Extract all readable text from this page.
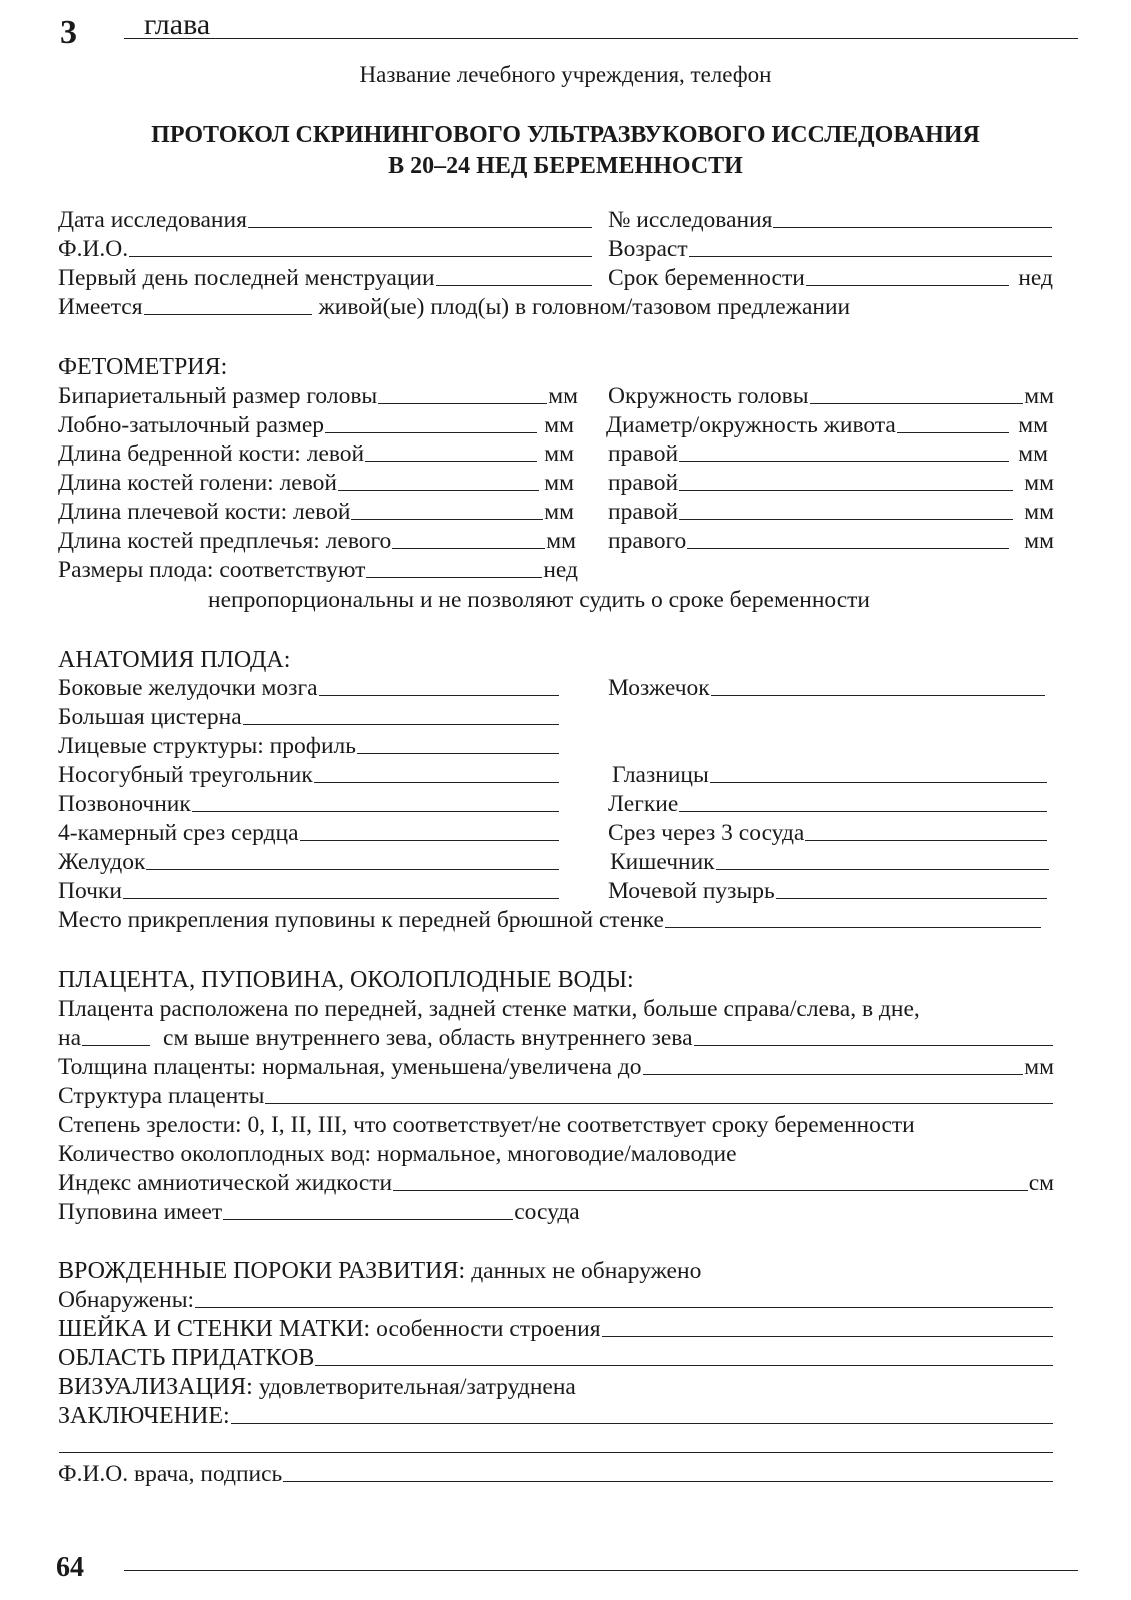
3 глава
Название лечебного учреждения, телефон
ПРОТОКОЛ СКРИНИНГОВОГО УЛЬТРАЗВУКОВОГО ИССЛЕДОВАНИЯ
В 20–24 НЕД БЕРЕМЕННОСТИ
Дата исследования	№ исследования
Ф.И.О.	Возраст
Первый день последней менструации	Срок беременности	нед
Имеется	живой(ые) плод(ы) в головном/тазовом предлежании
ФЕТОМЕТРИЯ:
Бипариетальный размер головы	мм Окружность головы	мм
Лобно-затылочный размер	мм Диаметр/окружность живота	мм
Длина бедренной кости: левой	мм правой	мм
Длина костей голени: левой	мм правой	мм
Длина плечевой кости: левой	мм правой	мм
Длина костей предплечья: левого	мм правого	мм
Размеры плода: соответствуют	нед
непропорциональны и не позволяют судить о сроке беременности
АНАТОМИЯ ПЛОДА:
Боковые желудочки мозга	Мозжечок
Большая цистерна
Лицевые структуры: профиль
Носогубный треугольник	Глазницы
Позвоночник	Легкие
4-камерный срез сердца	Срез через 3 сосуда
Желудок	Кишечник
Почки	Мочевой пузырь
Место прикрепления пуповины к передней брюшной стенке
ПЛАЦЕНТА, ПУПОВИНА, ОКОЛОПЛОДНЫЕ ВОДЫ:
Плацента расположена по передней, задней стенке матки, больше справа/слева, в дне,
на	см выше внутреннего зева, область внутреннего зева
Толщина плаценты: нормальная, уменьшена/увеличена до	мм
Структура плаценты
Степень зрелости: 0, I, II, III, что соответствует/не соответствует сроку беременности
Количество околоплодных вод: нормальное, многоводие/маловодие
Индекс амниотической жидкости	см
Пуповина имеет	сосуда
ВРОЖДЕННЫЕ ПОРОКИ РАЗВИТИЯ: данных не обнаружено
Обнаружены:
ШЕЙКА И СТЕНКИ МАТКИ: особенности строения
ОБЛАСТЬ ПРИДАТКОВ
ВИЗУАЛИЗАЦИЯ: удовлетворительная/затруднена
ЗАКЛЮЧЕНИЕ:
Ф.И.О. врача, подпись
64
